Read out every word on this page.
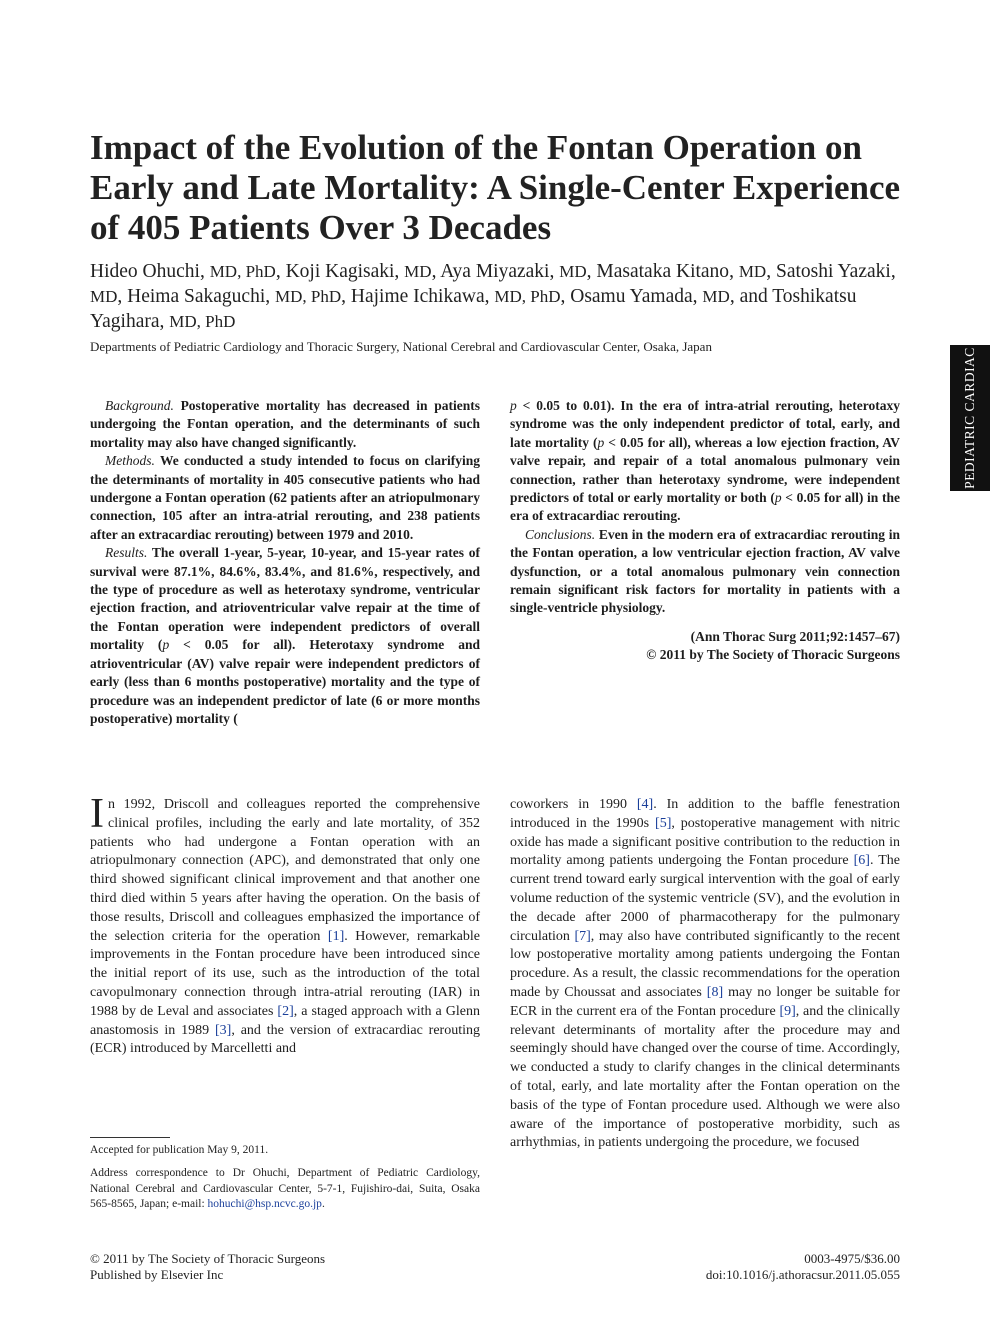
Impact of the Evolution of the Fontan Operation on Early and Late Mortality: A Single-Center Experience of 405 Patients Over 3 Decades

Hideo Ohuchi, MD, PhD, Koji Kagisaki, MD, Aya Miyazaki, MD, Masataka Kitano, MD, Satoshi Yazaki, MD, Heima Sakaguchi, MD, PhD, Hajime Ichikawa, MD, PhD, Osamu Yamada, MD, and Toshikatsu Yagihara, MD, PhD

Departments of Pediatric Cardiology and Thoracic Surgery, National Cerebral and Cardiovascular Center, Osaka, Japan

PEDIATRIC CARDIAC

Background. Postoperative mortality has decreased in patients undergoing the Fontan operation, and the determinants of such mortality may also have changed significantly.

Methods. We conducted a study intended to focus on clarifying the determinants of mortality in 405 consecutive patients who had undergone a Fontan operation (62 patients after an atriopulmonary connection, 105 after an intra-atrial rerouting, and 238 patients after an extracardiac rerouting) between 1979 and 2010.

Results. The overall 1-year, 5-year, 10-year, and 15-year rates of survival were 87.1%, 84.6%, 83.4%, and 81.6%, respectively, and the type of procedure as well as heterotaxy syndrome, ventricular ejection fraction, and atrioventricular valve repair at the time of the Fontan operation were independent predictors of overall mortality (p < 0.05 for all). Heterotaxy syndrome and atrioventricular (AV) valve repair were independent predictors of early (less than 6 months postoperative) mortality and the type of procedure was an independent predictor of late (6 or more months postoperative) mortality (

p < 0.05 to 0.01). In the era of intra-atrial rerouting, heterotaxy syndrome was the only independent predictor of total, early, and late mortality (p < 0.05 for all), whereas a low ejection fraction, AV valve repair, and repair of a total anomalous pulmonary vein connection, rather than heterotaxy syndrome, were independent predictors of total or early mortality or both (p < 0.05 for all) in the era of extracardiac rerouting.

Conclusions. Even in the modern era of extracardiac rerouting in the Fontan operation, a low ventricular ejection fraction, AV valve dysfunction, or a total anomalous pulmonary vein connection remain significant risk factors for mortality in patients with a single-ventricle physiology.

(Ann Thorac Surg 2011;92:1457–67)
© 2011 by The Society of Thoracic Surgeons

In 1992, Driscoll and colleagues reported the comprehensive clinical profiles, including the early and late mortality, of 352 patients who had undergone a Fontan operation with an atriopulmonary connection (APC), and demonstrated that only one third showed significant clinical improvement and that another one third died within 5 years after having the operation. On the basis of those results, Driscoll and colleagues emphasized the importance of the selection criteria for the operation [1]. However, remarkable improvements in the Fontan procedure have been introduced since the initial report of its use, such as the introduction of the total cavopulmonary connection through intra-atrial rerouting (IAR) in 1988 by de Leval and associates [2], a staged approach with a Glenn anastomosis in 1989 [3], and the version of extracardiac rerouting (ECR) introduced by Marcelletti and

coworkers in 1990 [4]. In addition to the baffle fenestration introduced in the 1990s [5], postoperative management with nitric oxide has made a significant positive contribution to the reduction in mortality among patients undergoing the Fontan procedure [6]. The current trend toward early surgical intervention with the goal of early volume reduction of the systemic ventricle (SV), and the evolution in the decade after 2000 of pharmacotherapy for the pulmonary circulation [7], may also have contributed significantly to the recent low postoperative mortality among patients undergoing the Fontan procedure. As a result, the classic recommendations for the operation made by Choussat and associates [8] may no longer be suitable for ECR in the current era of the Fontan procedure [9], and the clinically relevant determinants of mortality after the procedure may and seemingly should have changed over the course of time. Accordingly, we conducted a study to clarify changes in the clinical determinants of total, early, and late mortality after the Fontan operation on the basis of the type of Fontan procedure used. Although we were also aware of the importance of postoperative morbidity, such as arrhythmias, in patients undergoing the procedure, we focused

Accepted for publication May 9, 2011.

Address correspondence to Dr Ohuchi, Department of Pediatric Cardiology, National Cerebral and Cardiovascular Center, 5-7-1, Fujishiro-dai, Suita, Osaka 565-8565, Japan; e-mail: hohuchi@hsp.ncvc.go.jp.

© 2011 by The Society of Thoracic Surgeons
Published by Elsevier Inc

0003-4975/$36.00
doi:10.1016/j.athoracsur.2011.05.055
